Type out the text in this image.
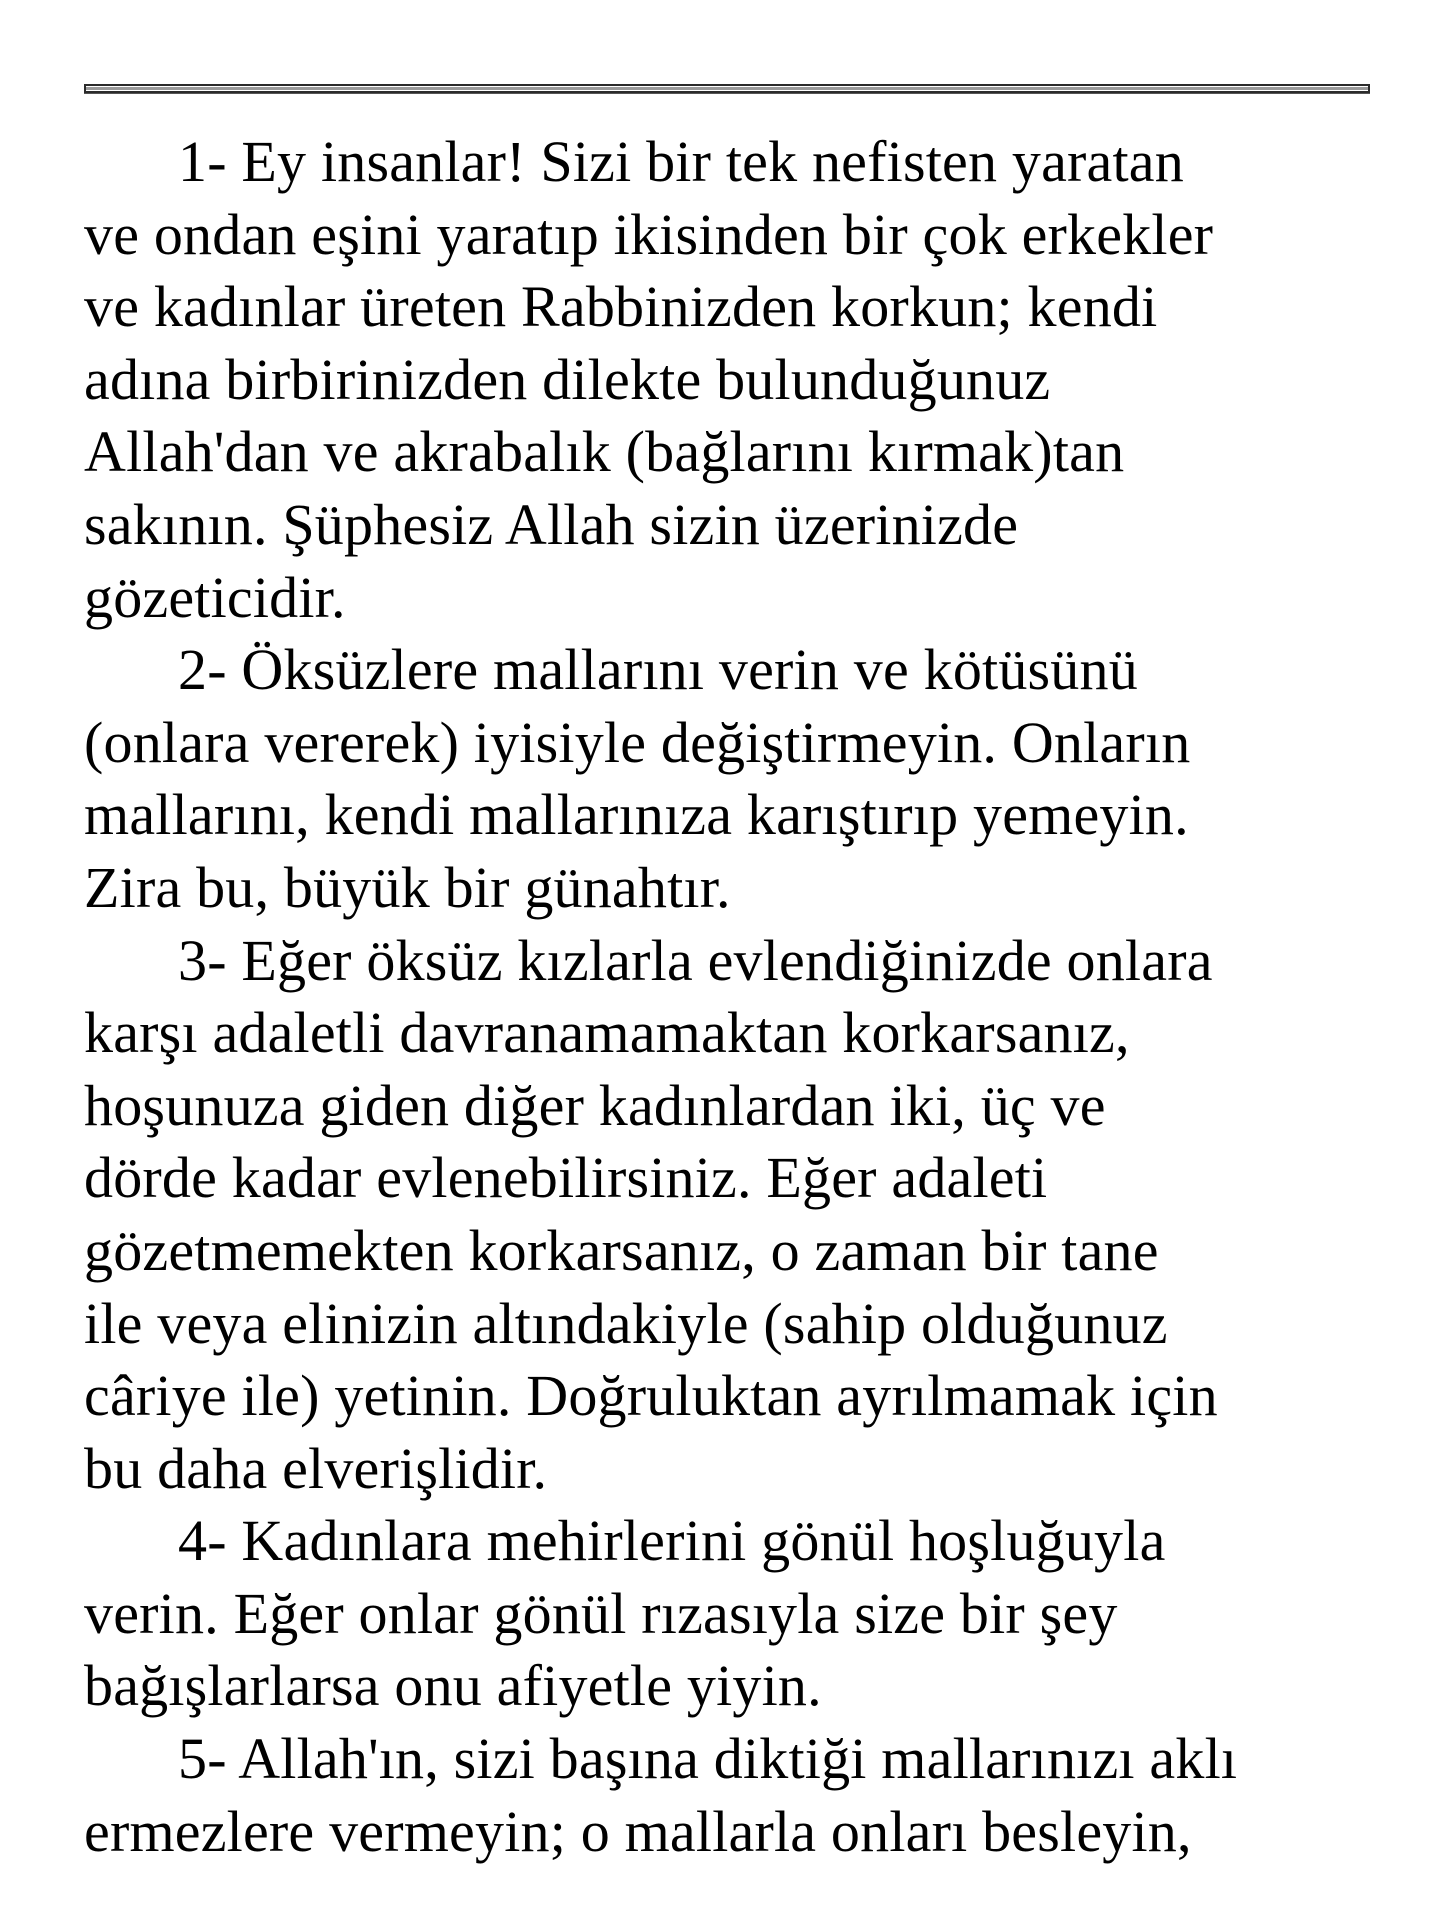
1- Ey insanlar! Sizi bir tek nefisten yaratan
ve ondan eşini yaratıp ikisinden bir çok erkekler
ve kadınlar üreten Rabbinizden korkun; kendi
adına birbirinizden dilekte bulunduğunuz
Allah'dan ve akrabalık (bağlarını kırmak)tan
sakının. Şüphesiz Allah sizin üzerinizde
gözeticidir.
2- Öksüzlere mallarını verin ve kötüsünü
(onlara vererek) iyisiyle değiştirmeyin. Onların
mallarını, kendi mallarınıza karıştırıp yemeyin.
Zira bu, büyük bir günahtır.
3- Eğer öksüz kızlarla evlendiğinizde onlara
karşı adaletli davranamamaktan korkarsanız,
hoşunuza giden diğer kadınlardan iki, üç ve
dörde kadar evlenebilirsiniz. Eğer adaleti
gözetmemekten korkarsanız, o zaman bir tane
ile veya elinizin altındakiyle (sahip olduğunuz
câriye ile) yetinin. Doğruluktan ayrılmamak için
bu daha elverişlidir.
4- Kadınlara mehirlerini gönül hoşluğuyla
verin. Eğer onlar gönül rızasıyla size bir şey
bağışlarlarsa onu afiyetle yiyin.
5- Allah'ın, sizi başına diktiği mallarınızı aklı
ermezlere vermeyin; o mallarla onları besleyin,
